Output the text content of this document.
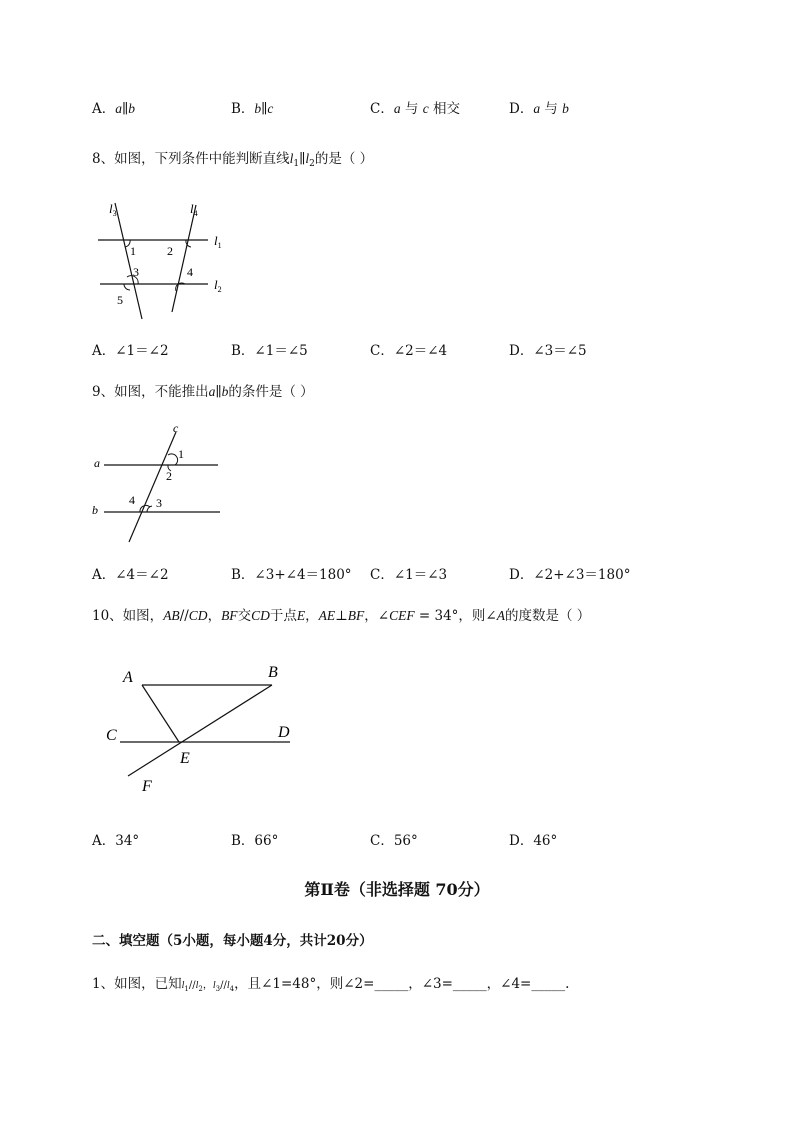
A．a∥b	B．b∥c	C．a 与 c 相交	D．a 与 b
8、如图，下列条件中能判断直线$l_1\parallel l_2$的是（ ）
$l_3$	$l_4$
$l_1$
$l_2$
1	2
3	4
5
A．∠1＝∠2	B．∠1＝∠5	C．∠2＝∠4	D．∠3＝∠5
9、如图，不能推出a∥b的条件是（ ）
c
a
b
1
2
3
4
A．∠4＝∠2	B．∠3+∠4＝180° C．∠1＝∠3	D．∠2+∠3＝180°
10、如图，AB//CD，BF交CD于点E，AE⊥BF，∠CEF = 34°，则∠A的度数是（ ）
A	B
C	D
E
F
A．34°	B．66°	C．56°	D．46°
第Ⅱ卷（非选择题 70分）
二、填空题（5小题，每小题4分，共计20分）
1、如图，已知$l_1//l_2$，$l_3//l_4$，且∠1=48°，则∠2=_____，∠3=_____，∠4=_____.
